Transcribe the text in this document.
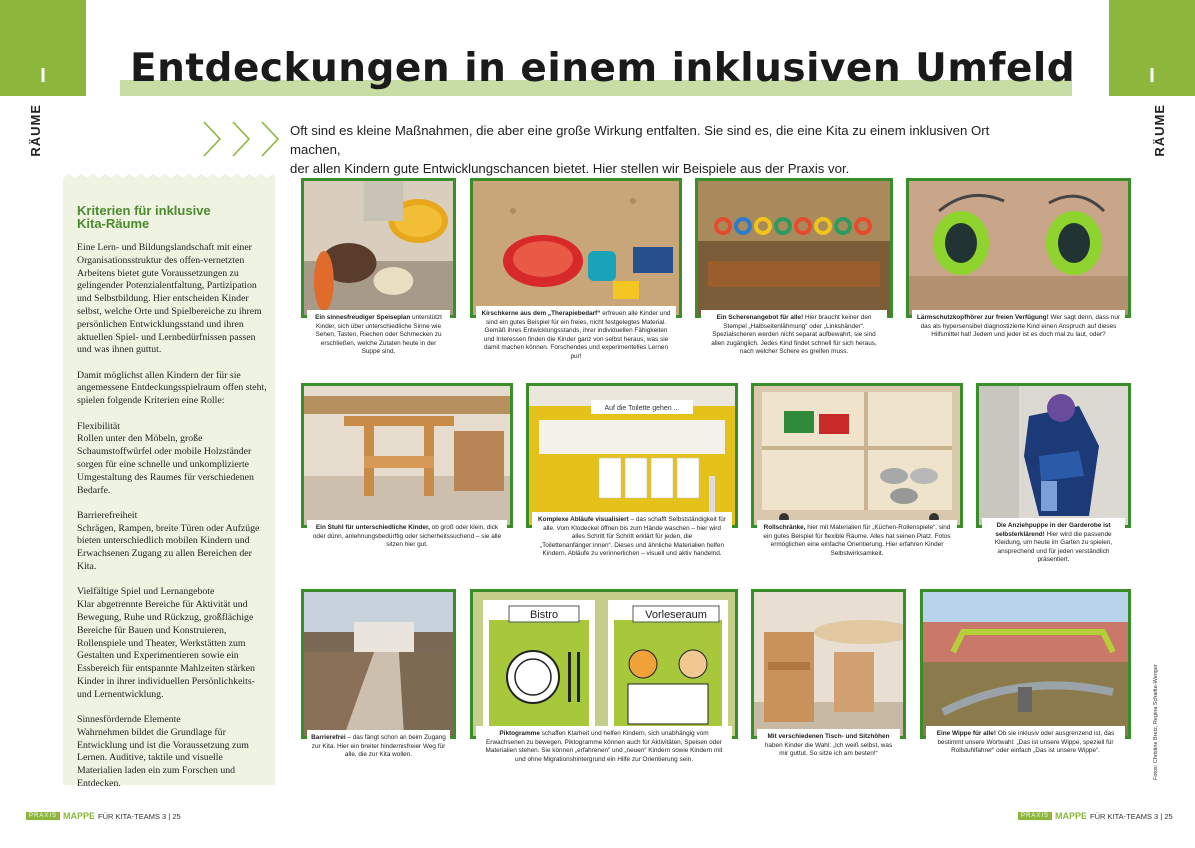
RÄUME	RÄUME
Entdeckungen in einem inklusiven Umfeld
Oft sind es kleine Maßnahmen, die aber eine große Wirkung entfalten. Sie sind es, die eine Kita zu einem inklusiven Ort machen,
der allen Kindern gute Entwicklungschancen bietet. Hier stellen wir Beispiele aus der Praxis vor.
Kriterien für inklusive
Kita-Räume

Eine Lern- und Bildungslandschaft mit einer Organisationsstruktur des offen-vernetzten Arbeitens bietet gute Voraussetzungen zu gelingender Potenzialentfaltung, Partizipation und Selbstbildung. Hier entscheiden Kinder selbst, welche Orte und Spielbereiche zu ihrem persönlichen Entwicklungsstand und ihren aktuellen Spiel- und Lernbedürfnissen passen und was ihnen guttut.

Damit möglichst allen Kindern der für sie angemessene Entdeckungsspielraum offen steht, spielen folgende Kriterien eine Rolle:

Flexibilität
Rollen unter den Möbeln, große Schaumstoffwürfel oder mobile Holzständer sorgen für eine schnelle und unkomplizierte Umgestaltung des Raumes für verschiedenen Bedarfe.

Barrierefreiheit
Schrägen, Rampen, breite Türen oder Aufzüge bieten unterschiedlich mobilen Kindern und Erwachsenen Zugang zu allen Bereichen der Kita.

Vielfältige Spiel und Lernangebote
Klar abgetrennte Bereiche für Aktivität und Bewegung, Ruhe und Rückzug, großflächige Bereiche für Bauen und Konstruieren, Rollenspiele und Theater, Werkstätten zum Gestalten und Experimentieren sowie ein Essbereich für entspannte Mahlzeiten stärken Kinder in ihrer individuellen Persönlichkeits- und Lernentwicklung.

Sinnesfördernde Elemente
Wahrnehmen bildet die Grundlage für Entwicklung und ist die Voraussetzung zum Lernen. Auditive, taktile und visuelle Materialien laden ein zum Forschen und Entdecken.

Ein sinnesfreudiger Speiseplan unterstützt Kinder, sich über unterschiedliche Sinne wie Sehen, Tasten, Riechen oder Schmecken zu erschließen, welche Zutaten heute in der Suppe sind.
Kirschkerne aus dem „Therapiebedarf“ erfreuen alle Kinder und sind ein gutes Beispiel für ein freies, nicht festgelegtes Material. Gemäß ihres Entwicklungsstands, ihrer individuellen Fähigkeiten und Interessen finden die Kinder ganz von selbst heraus, was sie damit machen können. Forschendes und experimentelles Lernen pur!
Ein Scherenangebot für alle! Hier braucht keiner den Stempel „Halbseitenlähmung“ oder „Linkshänder“. Spezialscheren werden nicht separat aufbewahrt, sie sind allen zugänglich. Jedes Kind findet schnell für sich heraus, nach welcher Schere es greifen muss.
Lärmschutzkopfhörer zur freien Verfügung! Wer sagt denn, dass nur das als hypersensibel diagnostizierte Kind einen Anspruch auf dieses Hilfsmittel hat! Jedem und jeder ist es doch mal zu laut, oder?
Ein Stuhl für unterschiedliche Kinder, ob groß oder klein, dick oder dünn, anlehnungsbedürftig oder sicherheitssuchend – sie alle sitzen hier gut.
Auf die Toilette gehen ...
Komplexe Abläufe visualisiert – das schafft Selbstständigkeit für alle. Vom Klodeckel öffnen bis zum Hände waschen – hier wird alles Schritt für Schritt erklärt für jeden, die „Toilettenanfänger:innen“. Dieses und ähnliche Materialien helfen Kindern, Abläufe zu verinnerlichen – visuell und aktiv handelnd.
Rollschränke, hier mit Materialien für „Küchen-Rollenspiele“, sind ein gutes Beispiel für flexible Räume. Alles hat seinen Platz. Fotos ermöglichen eine einfache Orientierung. Hier erfahren Kinder Selbstwirksamkeit.
Die Anziehpuppe in der Garderobe ist selbsterklärend! Hier wird die passende Kleidung, um heute im Garten zu spielen, ansprechend und für jeden verständlich präsentiert.
Barrierefrei – das fängt schon an beim Zugang zur Kita. Hier ein breiter hindernisfreier Weg für alle, die zur Kita wollen.
Bistro	Vorleseraum
Piktogramme schaffen Klarheit und helfen Kindern, sich unabhängig vom Erwachsenen zu bewegen. Piktogramme können auch für Aktivitäten, Speisen oder Materialien stehen. Sie können „erfahrenen“ und „neuen“ Kindern sowie Kindern mit und ohne Migrationshintergrund ein Hilfe zur Orientierung sein.
Mit verschiedenen Tisch- und Sitzhöhen haben Kinder die Wahl: „Ich weiß selbst, was mir guttut. So sitze ich am besten!“
Eine Wippe für alle! Ob sie inklusiv oder ausgrenzend ist, das bestimmt unsere Wortwahl: „Das ist unsere Wippe, speziell für Rollstuhlfahrer“ oder einfach „Das ist unsere Wippe“.	Fotos: Christine Bretz, Regina Schaitte-Wenger
PRAXIS MAPPE FÜR KITA-TEAMS 3 | 25	PRAXIS MAPPE FÜR KITA-TEAMS 3 | 25
